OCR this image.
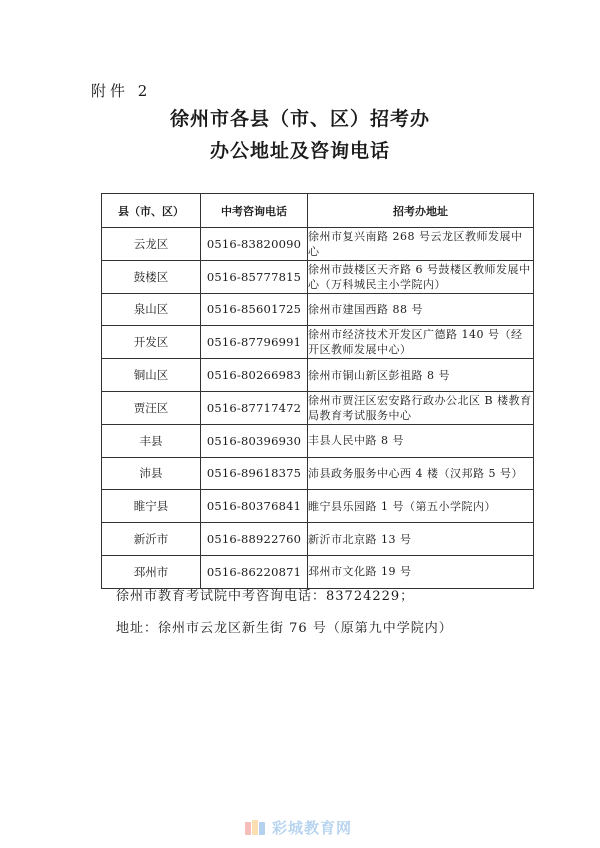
附件 2
徐州市各县（市、区）招考办
办公地址及咨询电话
县（市、区）	中考咨询电话	招考办地址
云龙区	0516-83820090	徐州市复兴南路 268 号云龙区教师发展中心
鼓楼区	0516-85777815	徐州市鼓楼区天齐路 6 号鼓楼区教师发展中心（万科城民主小学院内）
泉山区	0516-85601725	徐州市建国西路 88 号
开发区	0516-87796991	徐州市经济技术开发区广德路 140 号（经开区教师发展中心）
铜山区	0516-80266983	徐州市铜山新区彭祖路 8 号
贾汪区	0516-87717472	徐州市贾汪区宏安路行政办公北区 B 楼教育局教育考试服务中心
丰县	0516-80396930	丰县人民中路 8 号
沛县	0516-89618375	沛县政务服务中心西 4 楼（汉邦路 5 号）
睢宁县	0516-80376841	睢宁县乐园路 1 号（第五小学院内）
新沂市	0516-88922760	新沂市北京路 13 号
邳州市	0516-86220871	邳州市文化路 19 号
徐州市教育考试院中考咨询电话：83724229；
地址：徐州市云龙区新生街 76 号（原第九中学院内）
彩城教育网
